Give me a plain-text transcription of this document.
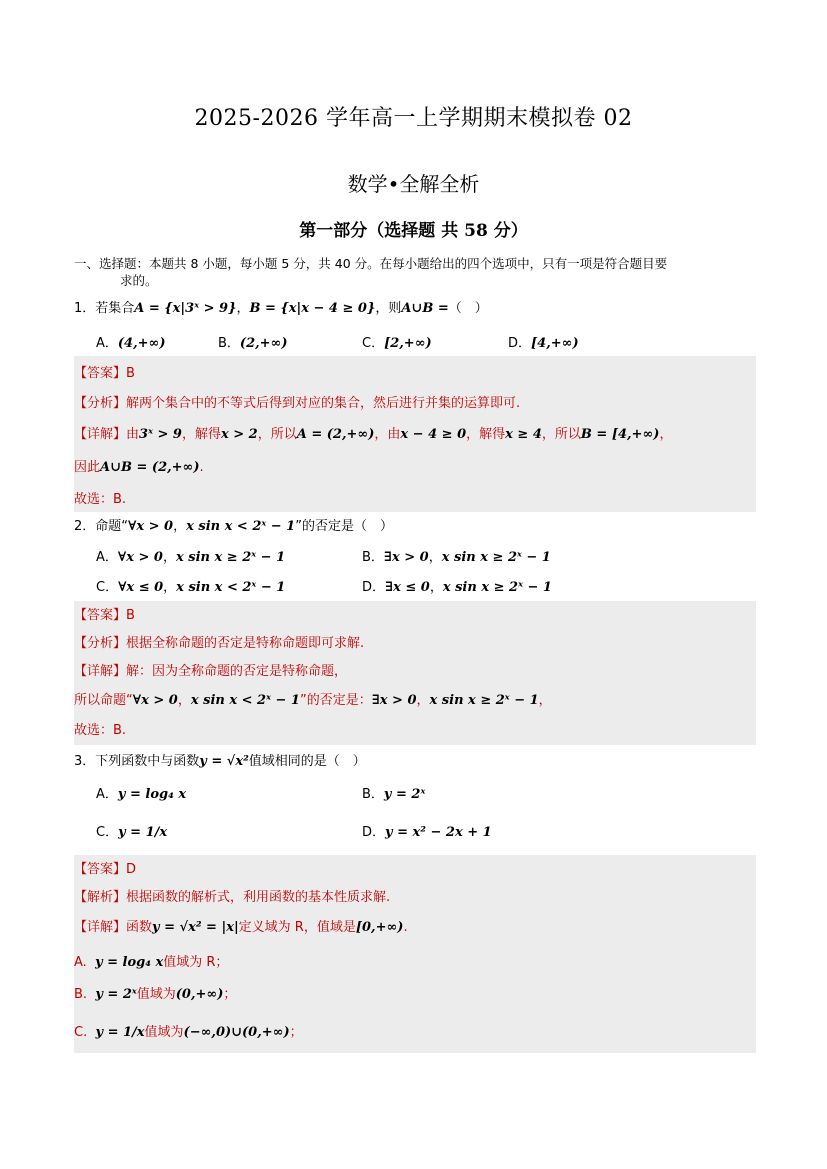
2025-2026 学年高一上学期期末模拟卷 02
数学•全解全析
第一部分（选择题 共 58 分）
一、选择题：本题共 8 小题，每小题 5 分，共 40 分。在每小题给出的四个选项中，只有一项是符合题目要
求的。
1．若集合A = {x|3ˣ > 9}，B = {x|x − 4 ≥ 0}，则A∪B =（　）
A．(4,+∞)	B．(2,+∞)	C．[2,+∞)	D．[4,+∞)
【答案】B
【分析】解两个集合中的不等式后得到对应的集合，然后进行并集的运算即可.
【详解】由3ˣ > 9，解得x > 2，所以A = (2,+∞)，由x − 4 ≥ 0，解得x ≥ 4，所以B = [4,+∞)，
因此A∪B = (2,+∞).
故选：B.
2．命题“∀x > 0，x sin x < 2ˣ − 1”的否定是（　）
A．∀x > 0，x sin x ≥ 2ˣ − 1	B．∃x > 0，x sin x ≥ 2ˣ − 1
C．∀x ≤ 0，x sin x < 2ˣ − 1	D．∃x ≤ 0，x sin x ≥ 2ˣ − 1
【答案】B
【分析】根据全称命题的否定是特称命题即可求解.
【详解】解：因为全称命题的否定是特称命题，
所以命题“∀x > 0，x sin x < 2ˣ − 1”的否定是：∃x > 0，x sin x ≥ 2ˣ − 1，
故选：B.
3．下列函数中与函数y = √x²值域相同的是（　）
A．y = log₄ x	B．y = 2ˣ
C．y = 1/x	D．y = x² − 2x + 1
【答案】D
【解析】根据函数的解析式，利用函数的基本性质求解.
【详解】函数y = √x² = |x|定义域为 R，值域是[0,+∞).
A. y = log₄ x值域为 R；
B. y = 2ˣ值域为(0,+∞)；
C. y = 1/x值域为(−∞,0)∪(0,+∞)；
